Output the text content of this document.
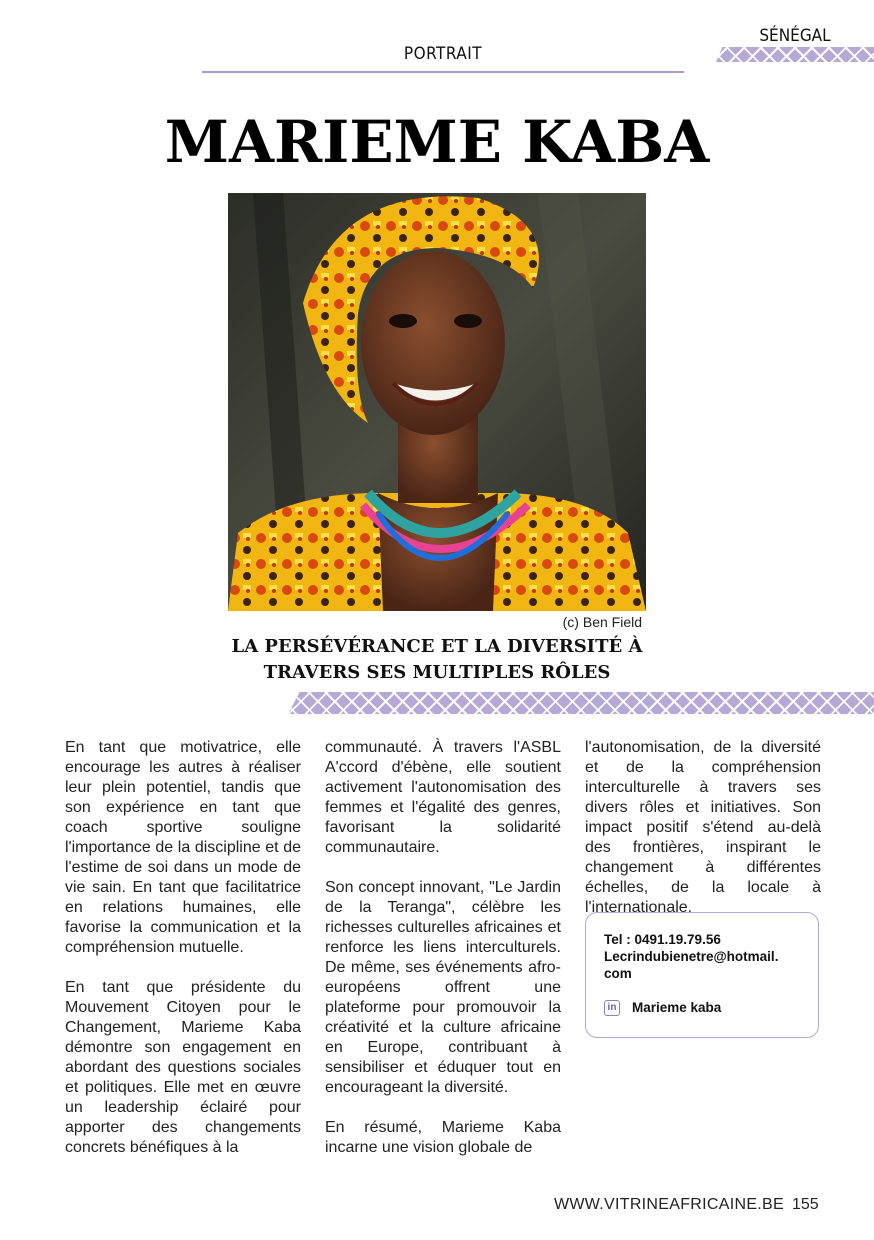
PORTRAIT
SÉNÉGAL
MARIEME KABA
(c) Ben Field
LA PERSÉVÉRANCE ET LA DIVERSITÉ À
TRAVERS SES MULTIPLES RÔLES

En tant que motivatrice, elle encourage les autres à réaliser leur plein potentiel, tandis que son expérience en tant que coach sportive souligne l'importance de la discipline et de l'estime de soi dans un mode de vie sain. En tant que facilitatrice en relations humaines, elle favorise la communication et la compréhension mutuelle.

En tant que présidente du Mouvement Citoyen pour le Changement, Marieme Kaba démontre son engagement en abordant des questions sociales et politiques. Elle met en œuvre un leadership éclairé pour apporter des changements concrets bénéfiques à la

communauté. À travers l'ASBL A'ccord d'ébène, elle soutient activement l'autonomisation des femmes et l'égalité des genres, favorisant la solidarité communautaire.

Son concept innovant, "Le Jardin de la Teranga", célèbre les richesses culturelles africaines et renforce les liens interculturels. De même, ses événements afro-européens offrent une plateforme pour promouvoir la créativité et la culture africaine en Europe, contribuant à sensibiliser et éduquer tout en encourageant la diversité.

En résumé, Marieme Kaba incarne une vision globale de

l'autonomisation, de la diversité et de la compréhension interculturelle à travers ses divers rôles et initiatives. Son impact positif s'étend au-delà des frontières, inspirant le changement à différentes échelles, de la locale à l'internationale.

Tel : 0491.19.79.56
Lecrindubienetre@hotmail.
com
in Marieme kaba
WWW.VITRINEAFRICAINE.BE 155
